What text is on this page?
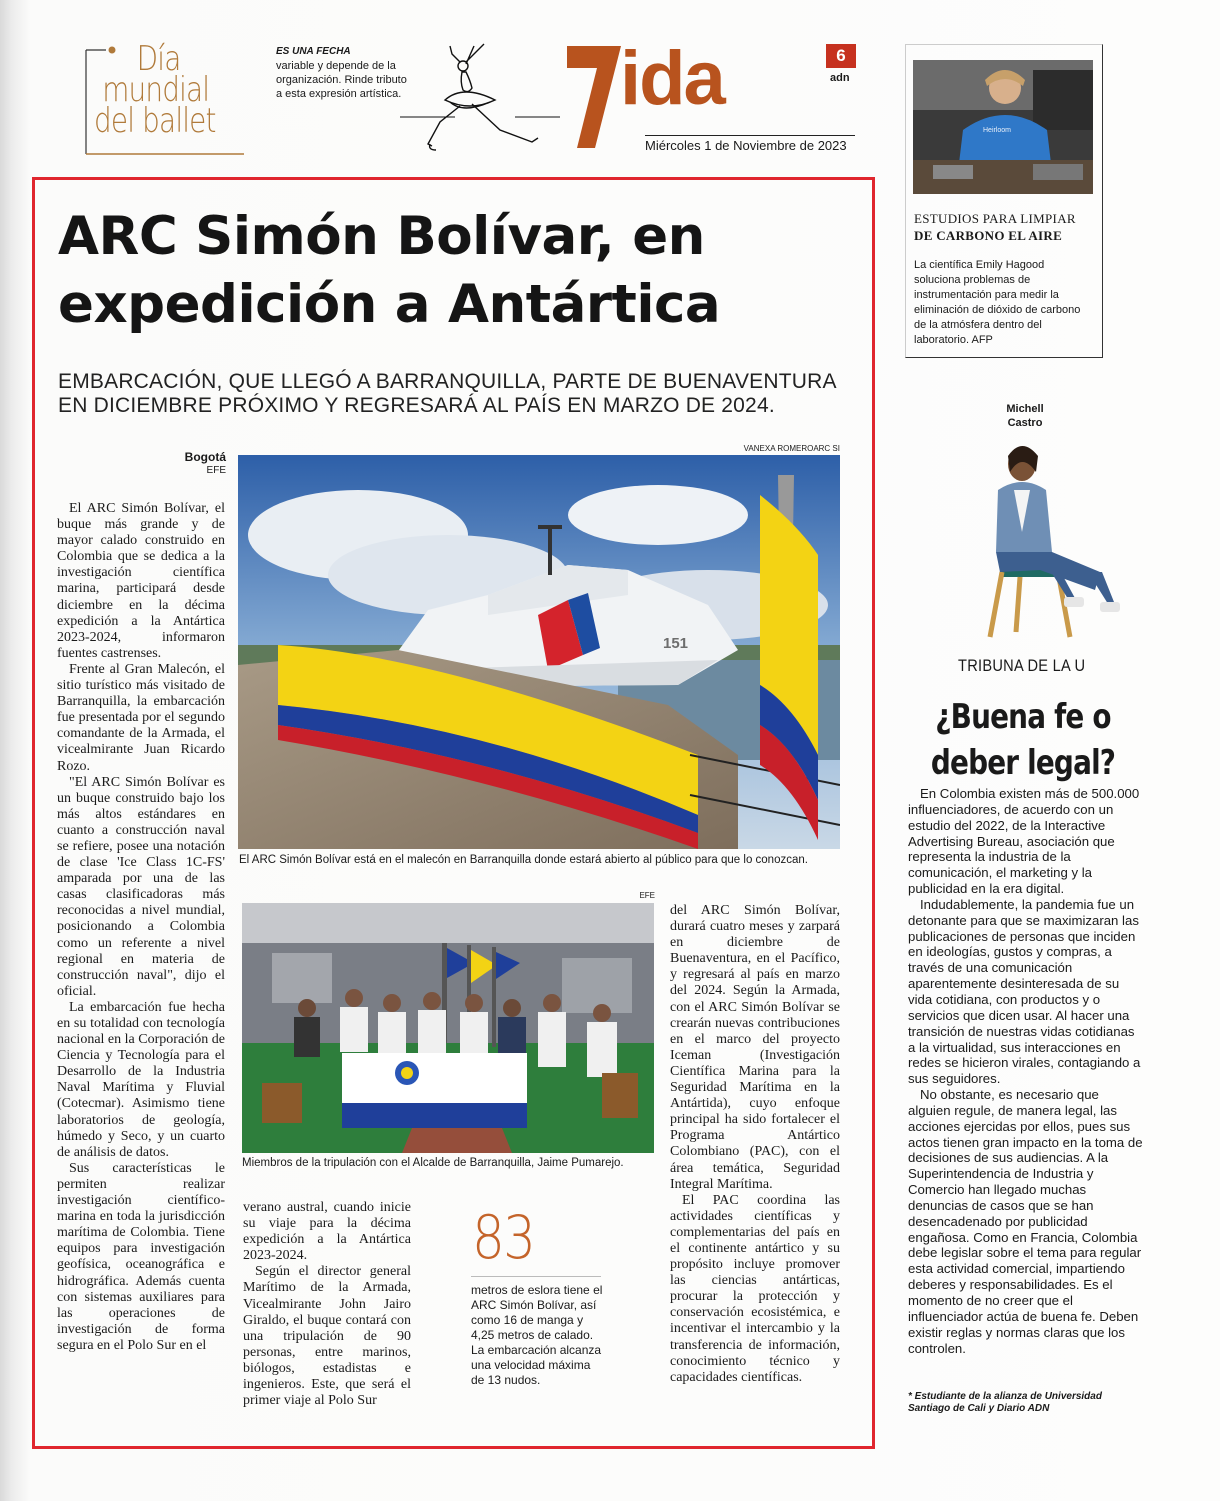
Día
mundial
del ballet
ES UNA FECHA
variable y depende de la organización. Rinde tributo a esta expresión artística.	ida	6
adn
Miércoles 1 de Noviembre de 2023
ARC Simón Bolívar, en
expedición a Antártica
EMBARCACIÓN, QUE LLEGÓ A BARRANQUILLA, PARTE DE BUENAVENTURA EN DICIEMBRE PRÓXIMO Y REGRESARÁ AL PAÍS EN MARZO DE 2024.
Bogotá
EFE

El ARC Simón Bolívar, el buque más grande y de mayor calado construido en Colombia que se dedica a la investigación científica marina, participará desde diciembre en la décima expedición a la Antártica 2023-2024, informaron fuentes castrenses.

Frente al Gran Malecón, el sitio turístico más visitado de Barranquilla, la embarcación fue presentada por el segundo comandante de la Armada, el vicealmirante Juan Ricardo Rozo.

"El ARC Simón Bolívar es un buque construido bajo los más altos estándares en cuanto a construcción naval se refiere, posee una notación de clase 'Ice Class 1C-FS' amparada por una de las casas clasificadoras más reconocidas a nivel mundial, posicionando a Colombia como un referente a nivel regional en materia de construcción naval", dijo el oficial.

La embarcación fue hecha en su totalidad con tecnología nacional en la Corporación de Ciencia y Tecnología para el Desarrollo de la Industria Naval Marítima y Fluvial (Cotecmar). Asimismo tiene laboratorios de geología, húmedo y Seco, y un cuarto de análisis de datos.

Sus características le permiten realizar investigación científico-marina en toda la jurisdicción marítima de Colombia. Tiene equipos para investigación geofísica, oceanográfica e hidrográfica. Además cuenta con sistemas auxiliares para las operaciones de investigación de forma segura en el Polo Sur en el

VANEXA ROMEROARC SI
151
El ARC Simón Bolívar está en el malecón en Barranquilla donde estará abierto al público para que lo conozcan.
EFE
Miembros de la tripulación con el Alcalde de Barranquilla, Jaime Pumarejo.

verano austral, cuando inicie su viaje para la décima expedición a la Antártica 2023-2024.

Según el director general Marítimo de la Armada, Vicealmirante John Jairo Giraldo, el buque contará con una tripulación de 90 personas, entre marinos, biólogos, estadistas e ingenieros. Este, que será el primer viaje al Polo Sur

83
metros de eslora tiene el ARC Simón Bolívar, así como 16 de manga y 4,25 metros de calado. La embarcación alcanza una velocidad máxima de 13 nudos.

del ARC Simón Bolívar, durará cuatro meses y zarpará en diciembre de Buenaventura, en el Pacífico, y regresará al país en marzo del 2024. Según la Armada, con el ARC Simón Bolívar se crearán nuevas contribuciones en el marco del proyecto Iceman (Investigación Científica Marina para la Seguridad Marítima en la Antártida), cuyo enfoque principal ha sido fortalecer el Programa Antártico Colombiano (PAC), con el área temática, Seguridad Integral Marítima.

El PAC coordina las actividades científicas y complementarias del país en el continente antártico y su propósito incluye promover las ciencias antárticas, procurar la protección y conservación ecosistémica, e incentivar el intercambio y la transferencia de información, conocimiento técnico y capacidades científicas.

Heirloom
ESTUDIOS PARA LIMPIAR
DE CARBONO EL AIRE
La científica Emily Hagood soluciona problemas de instrumentación para medir la eliminación de dióxido de carbono de la atmósfera dentro del laboratorio. AFP
Michell
Castro
TRIBUNA DE LA U
¿Buena fe o
deber legal?

En Colombia existen más de 500.000 influenciadores, de acuerdo con un estudio del 2022, de la Interactive Advertising Bureau, asociación que representa la industria de la comunicación, el marketing y la publicidad en la era digital.

Indudablemente, la pandemia fue un detonante para que se maximizaran las publicaciones de personas que inciden en ideologías, gustos y compras, a través de una comunicación aparentemente desinteresada de su vida cotidiana, con productos y o servicios que dicen usar. Al hacer una transición de nuestras vidas cotidianas a la virtualidad, sus interacciones en redes se hicieron virales, contagiando a sus seguidores.

No obstante, es necesario que alguien regule, de manera legal, las acciones ejercidas por ellos, pues sus actos tienen gran impacto en la toma de decisiones de sus audiencias. A la Superintendencia de Industria y Comercio han llegado muchas denuncias de casos que se han desencadenado por publicidad engañosa. Como en Francia, Colombia debe legislar sobre el tema para regular esta actividad comercial, impartiendo deberes y responsabilidades. Es el momento de no creer que el influenciador actúa de buena fe. Deben existir reglas y normas claras que los controlen.

* Estudiante de la alianza de Universidad
Santiago de Cali y Diario ADN
